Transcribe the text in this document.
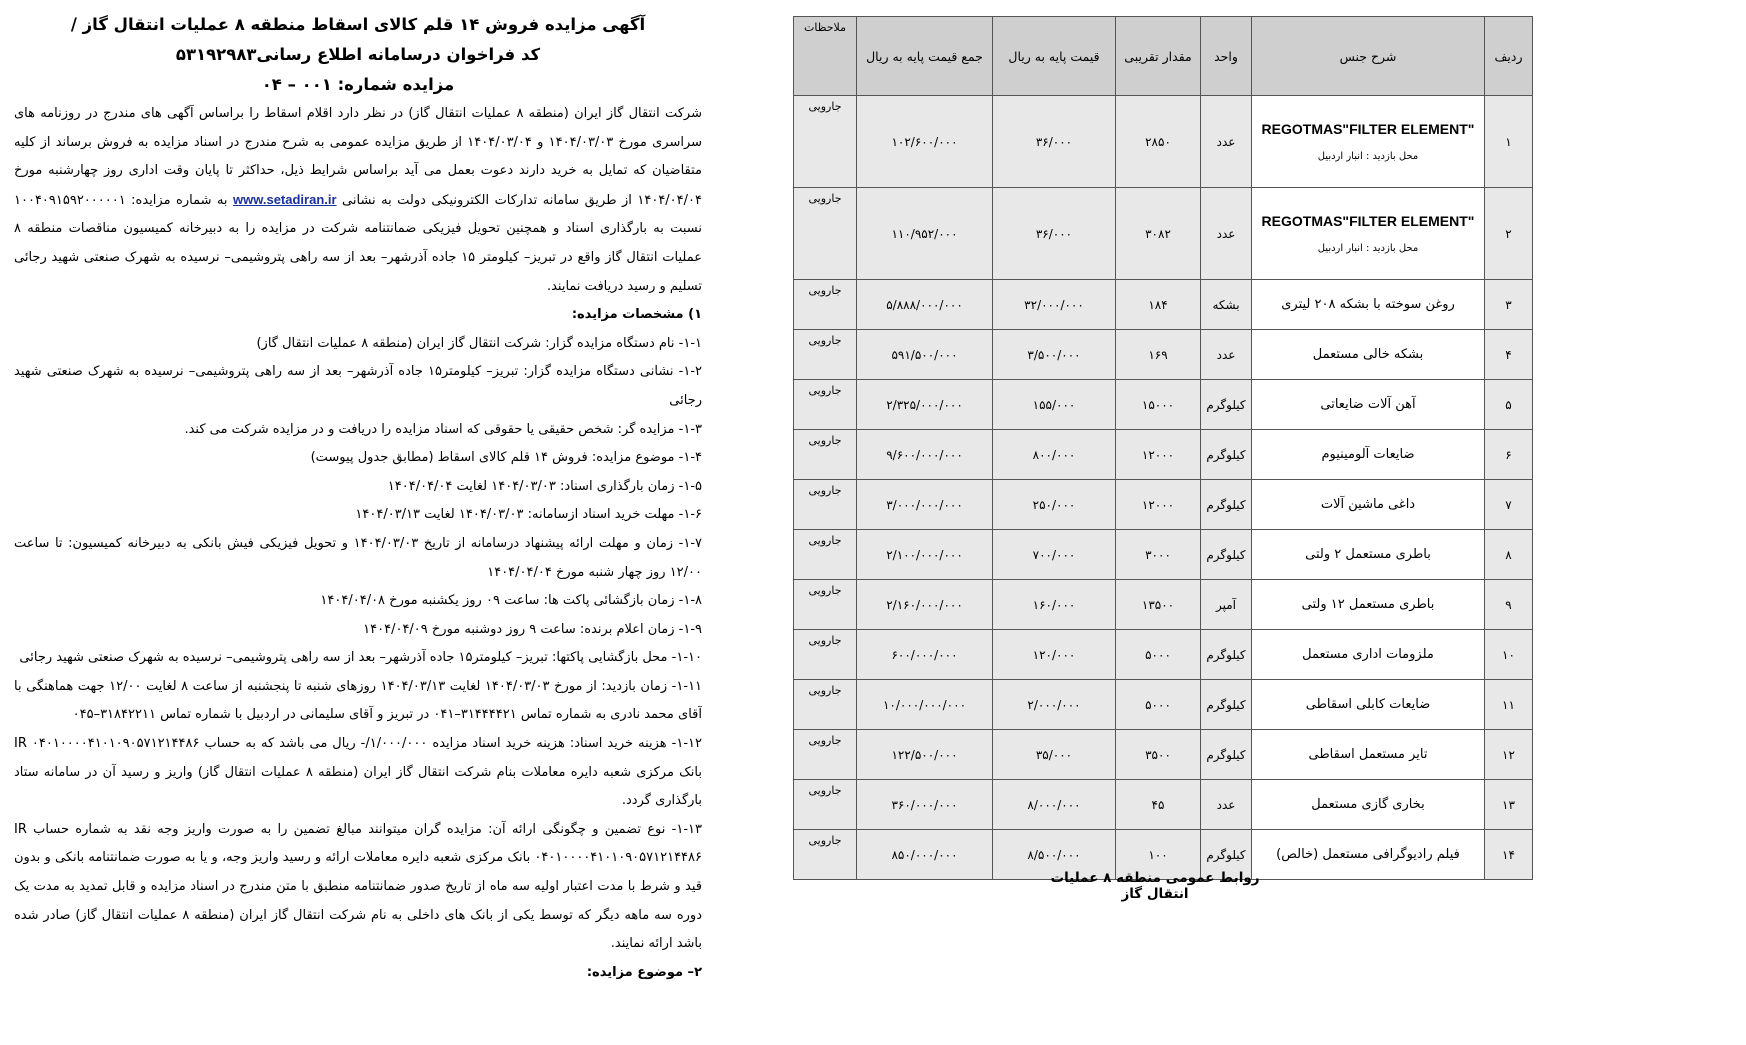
آگهی مزایده فروش ۱۴ قلم کالای اسقاط منطقه ۸ عملیات انتقال گاز /

کد فراخوان درسامانه اطلاع رسانی۵۳۱۹۲۹۸۳

مزایده شماره: ۰۰۱ – ۰۴

شرکت انتقال گاز ایران (منطقه ۸ عملیات انتقال گاز) در نظر دارد اقلام اسقاط را براساس آگهی های مندرج در روزنامه های سراسری مورخ ۱۴۰۴/۰۳/۰۳ و ۱۴۰۴/۰۳/۰۴ از طریق مزایده عمومی به شرح مندرج در اسناد مزایده به فروش برساند از کلیه متقاضیان که تمایل به خرید دارند دعوت بعمل می آید براساس شرایط ذیل، حداکثر تا پایان وقت اداری روز چهارشنبه مورخ ۱۴۰۴/۰۴/۰۴ از طریق سامانه تدارکات الکترونیکی دولت به نشانی www.setadiran.ir به شماره مزایده: ۱۰۰۴۰۹۱۵۹۲۰۰۰۰۰۱ نسبت به بارگذاری اسناد و همچنین تحویل فیزیکی ضمانتنامه شرکت در مزایده را به دبیرخانه کمیسیون مناقصات منطقه ۸ عملیات انتقال گاز واقع در تبریز– کیلومتر ۱۵ جاده آذرشهر– بعد از سه راهی پتروشیمی– نرسیده به شهرک صنعتی شهید رجائی تسلیم و رسید دریافت نمایند.

۱) مشخصات مزایده:

۱-۱- نام دستگاه مزایده گزار: شرکت انتقال گاز ایران (منطقه ۸ عملیات انتقال گاز)

۱-۲- نشانی دستگاه مزایده گزار: تبریز– کیلومتر۱۵ جاده آذرشهر– بعد از سه راهی پتروشیمی– نرسیده به شهرک صنعتی شهید رجائی

۱-۳- مزایده گر: شخص حقیقی یا حقوقی که اسناد مزایده را دریافت و در مزایده شرکت می کند.

۱-۴- موضوع مزایده: فروش ۱۴ قلم کالای اسقاط (مطابق جدول پیوست)

۱-۵- زمان بارگذاری اسناد: ۱۴۰۴/۰۳/۰۳ لغایت ۱۴۰۴/۰۴/۰۴

۱-۶- مهلت خرید اسناد ازسامانه: ۱۴۰۴/۰۳/۰۳ لغایت ۱۴۰۴/۰۳/۱۳

۱-۷- زمان و مهلت ارائه پیشنهاد درسامانه از تاریخ ۱۴۰۴/۰۳/۰۳ و تحویل فیزیکی فیش بانکی به دبیرخانه کمیسیون: تا ساعت ۱۲/۰۰ روز چهار شنبه مورخ ۱۴۰۴/۰۴/۰۴

۱-۸- زمان بازگشائی پاکت ها: ساعت ۰۹ روز یکشنبه مورخ ۱۴۰۴/۰۴/۰۸

۱-۹- زمان اعلام برنده: ساعت ۹ روز دوشنبه مورخ ۱۴۰۴/۰۴/۰۹

۱-۱۰- محل بازگشایی پاکتها: تبریز– کیلومتر۱۵ جاده آذرشهر– بعد از سه راهی پتروشیمی– نرسیده به شهرک صنعتی شهید رجائی

۱-۱۱- زمان بازدید: از مورخ ۱۴۰۴/۰۳/۰۳ لغایت ۱۴۰۴/۰۳/۱۳ روزهای شنبه تا پنجشنبه از ساعت ۸ لغایت ۱۲/۰۰ جهت هماهنگی با آقای محمد نادری به شماره تماس ۳۱۴۴۴۴۲۱–۰۴۱ در تبریز و آقای سلیمانی در اردبیل با شماره تماس ۳۱۸۴۲۲۱۱–۰۴۵

۱-۱۲- هزینه خرید اسناد: هزینه خرید اسناد مزایده ۱/۰۰۰/۰۰۰/- ریال می باشد که به حساب IR ۰۴۰۱۰۰۰۰۴۱۰۱۰۹۰۵۷۱۲۱۴۴۸۶ بانک مرکزی شعبه دایره معاملات بنام شرکت انتقال گاز ایران (منطقه ۸ عملیات انتقال گاز) واریز و رسید آن در سامانه ستاد بارگذاری گردد.

۱-۱۳- نوع تضمین و چگونگی ارائه آن: مزایده گران میتوانند مبالغ تضمین را به صورت واریز وجه نقد به شماره حساب IR ۰۴۰۱۰۰۰۰۴۱۰۱۰۹۰۵۷۱۲۱۴۴۸۶ بانک مرکزی شعبه دایره معاملات ارائه و رسید واریز وجه، و یا به صورت ضمانتنامه بانکی و بدون قید و شرط با مدت اعتبار اولیه سه ماه از تاریخ صدور ضمانتنامه منطبق با متن مندرج در اسناد مزایده و قابل تمدید به مدت یک دوره سه ماهه دیگر که توسط یکی از بانک های داخلی به نام شرکت انتقال گاز ایران (منطقه ۸ عملیات انتقال گاز) صادر شده باشد ارائه نمایند.

۲– موضوع مزایده:

ردیف	شرح جنس	واحد	مقدار تقریبی	قیمت پایه به ریال	جمع قیمت پایه به ریال	ملاحظات
۱	REGOTMAS"FILTER ELEMENT"
محل بازدید : انبار اردبیل	عدد	۲۸۵۰	۳۶/۰۰۰	۱۰۲/۶۰۰/۰۰۰	جارویی
۲	REGOTMAS"FILTER ELEMENT"
محل بازدید : انبار اردبیل	عدد	۳۰۸۲	۳۶/۰۰۰	۱۱۰/۹۵۲/۰۰۰	جارویی
۳	روغن سوخته با بشکه ۲۰۸ لیتری	بشکه	۱۸۴	۳۲/۰۰۰/۰۰۰	۵/۸۸۸/۰۰۰/۰۰۰	جارویی
۴	بشکه خالی مستعمل	عدد	۱۶۹	۳/۵۰۰/۰۰۰	۵۹۱/۵۰۰/۰۰۰	جارویی
۵	آهن آلات ضایعاتی	کیلوگرم	۱۵۰۰۰	۱۵۵/۰۰۰	۲/۳۲۵/۰۰۰/۰۰۰	جارویی
۶	ضایعات آلومینیوم	کیلوگرم	۱۲۰۰۰	۸۰۰/۰۰۰	۹/۶۰۰/۰۰۰/۰۰۰	جارویی
۷	داغی ماشین آلات	کیلوگرم	۱۲۰۰۰	۲۵۰/۰۰۰	۳/۰۰۰/۰۰۰/۰۰۰	جارویی
۸	باطری مستعمل ۲ ولتی	کیلوگرم	۳۰۰۰	۷۰۰/۰۰۰	۲/۱۰۰/۰۰۰/۰۰۰	جارویی
۹	باطری مستعمل ۱۲ ولتی	آمپر	۱۳۵۰۰	۱۶۰/۰۰۰	۲/۱۶۰/۰۰۰/۰۰۰	جارویی
۱۰	ملزومات اداری مستعمل	کیلوگرم	۵۰۰۰	۱۲۰/۰۰۰	۶۰۰/۰۰۰/۰۰۰	جارویی
۱۱	ضایعات کابلی اسقاطی	کیلوگرم	۵۰۰۰	۲/۰۰۰/۰۰۰	۱۰/۰۰۰/۰۰۰/۰۰۰	جارویی
۱۲	تایر مستعمل اسقاطی	کیلوگرم	۳۵۰۰	۳۵/۰۰۰	۱۲۲/۵۰۰/۰۰۰	جارویی
۱۳	بخاری گازی مستعمل	عدد	۴۵	۸/۰۰۰/۰۰۰	۳۶۰/۰۰۰/۰۰۰	جارویی
۱۴	فیلم رادیوگرافی مستعمل (خالص)	کیلوگرم	۱۰۰	۸/۵۰۰/۰۰۰	۸۵۰/۰۰۰/۰۰۰	جارویی
روابط عمومی منطقه ۸ عملیات انتقال گاز
